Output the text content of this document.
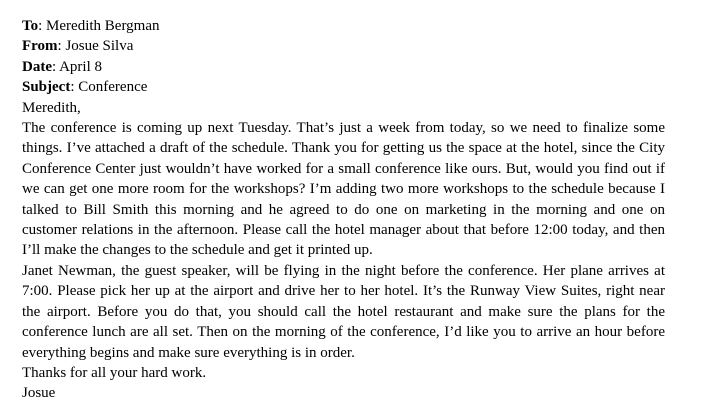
To: Meredith Bergman
From: Josue Silva
Date: April 8
Subject: Conference

Meredith,

The conference is coming up next Tuesday. That’s just a week from today, so we need to finalize some things. I’ve attached a draft of the schedule. Thank you for getting us the space at the hotel, since the City Conference Center just wouldn’t have worked for a small conference like ours. But, would you find out if we can get one more room for the workshops? I’m adding two more workshops to the schedule because I talked to Bill Smith this morning and he agreed to do one on marketing in the morning and one on customer relations in the afternoon. Please call the hotel manager about that before 12:00 today, and then I’ll make the changes to the schedule and get it printed up.

Janet Newman, the guest speaker, will be flying in the night before the conference. Her plane arrives at 7:00. Please pick her up at the airport and drive her to her hotel. It’s the Runway View Suites, right near the airport. Before you do that, you should call the hotel restaurant and make sure the plans for the conference lunch are all set. Then on the morning of the conference, I’d like you to arrive an hour before everything begins and make sure everything is in order.

Thanks for all your hard work.

Josue
